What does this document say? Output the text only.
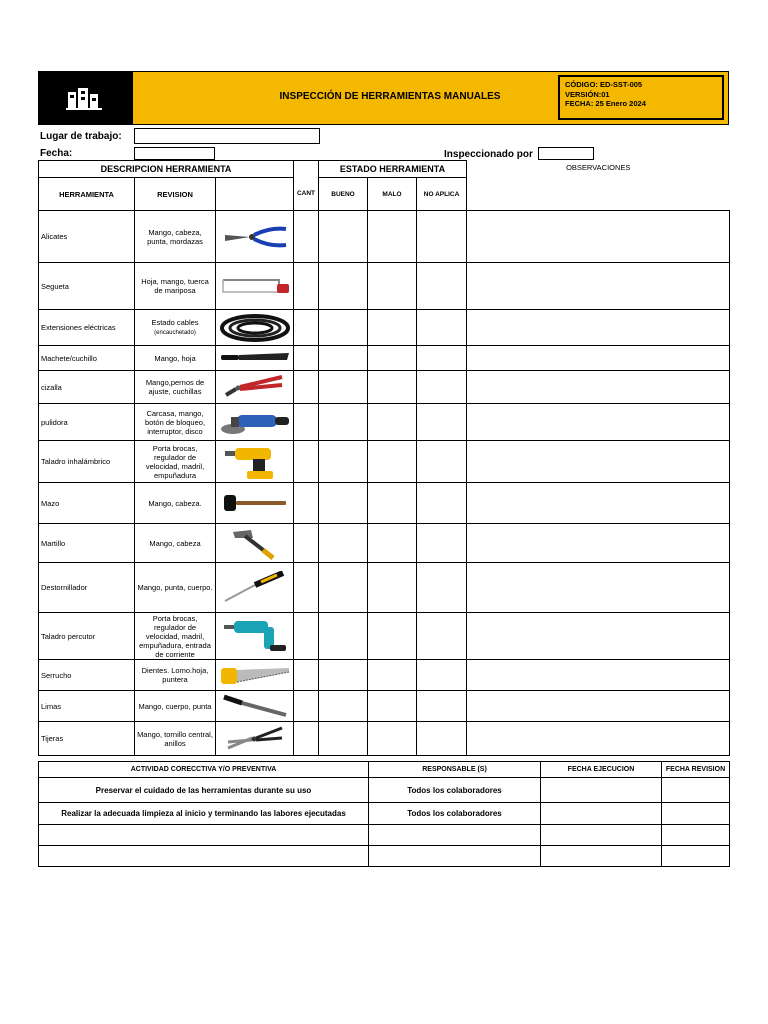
INSPECCIÓN DE HERRAMIENTAS MANUALES
CÓDIGO: ED-SST-005
VERSIÓN:01
FECHA: 25 Enero 2024
Lugar de trabajo:
Fecha:	Inspeccionado por
DESCRIPCION HERRAMIENTA				ESTADO HERRAMIENTA			OBSERVACIONES
HERRAMIENTA	REVISION		CANT	BUENO	MALO	NO APLICA	
Alicates	Mango, cabeza, punta, mordazas	

Segueta	Hoja, mango, tuerca de mariposa	

Extensiones eléctricas	Estado cables
(encauchetado)	

Machete/cuchillo	Mango, hoja	

cizalla	Mango,pernos de ajuste, cuchillas	

pulidora	Carcasa, mango, botón de bloqueo, interruptor, disco	

Taladro inhalámbrico	Porta brocas, regulador de velocidad, madril, empuñadura	

Mazo	Mango, cabeza.	

Martillo	Mango, cabeza	

Destornillador	Mango, punta, cuerpo.	

Taladro percutor	Porta brocas, regulador de velocidad, madril, empuñadura, entrada de corriente	

Serrucho	Dientes. Lomo.hoja, puntera	

Limas	Mango, cuerpo, punta	

Tijeras	Mango, tornillo central, anillos	

ACTIVIDAD CORECCTIVA Y/O PREVENTIVA	RESPONSABLE (S)	FECHA EJECUCION	FECHA REVISION
Preservar el cuidado de las herramientas durante su uso	Todos los colaboradores		
Realizar la adecuada limpieza al inicio y terminando las labores ejecutadas	Todos los colaboradores		
